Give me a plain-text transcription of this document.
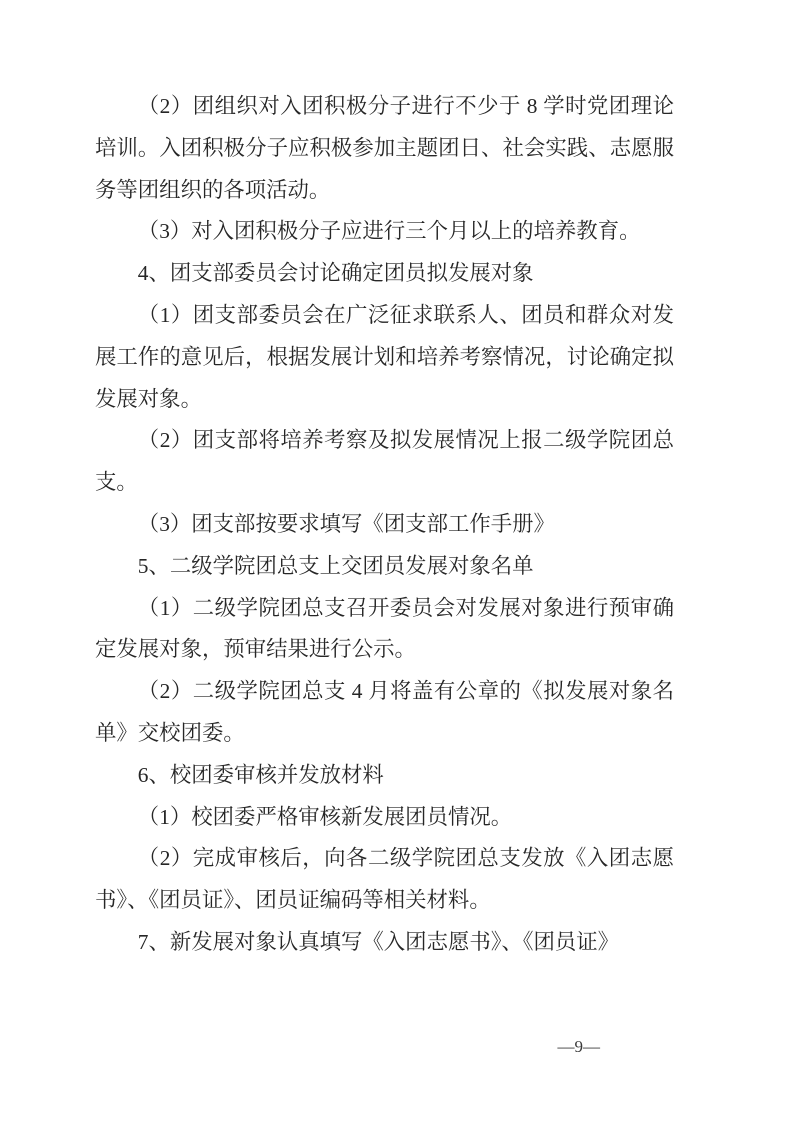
（2）团组织对入团积极分子进行不少于 8 学时党团理论培训。入团积极分子应积极参加主题团日、社会实践、志愿服务等团组织的各项活动。

（3）对入团积极分子应进行三个月以上的培养教育。

4、团支部委员会讨论确定团员拟发展对象

（1）团支部委员会在广泛征求联系人、团员和群众对发展工作的意见后，根据发展计划和培养考察情况，讨论确定拟发展对象。

（2）团支部将培养考察及拟发展情况上报二级学院团总支。

（3）团支部按要求填写《团支部工作手册》

5、二级学院团总支上交团员发展对象名单

（1）二级学院团总支召开委员会对发展对象进行预审确定发展对象，预审结果进行公示。

（2）二级学院团总支 4 月将盖有公章的《拟发展对象名单》交校团委。

6、校团委审核并发放材料

（1）校团委严格审核新发展团员情况。

（2）完成审核后，向各二级学院团总支发放《入团志愿书》、《团员证》、团员证编码等相关材料。

7、新发展对象认真填写《入团志愿书》、《团员证》

—9—
